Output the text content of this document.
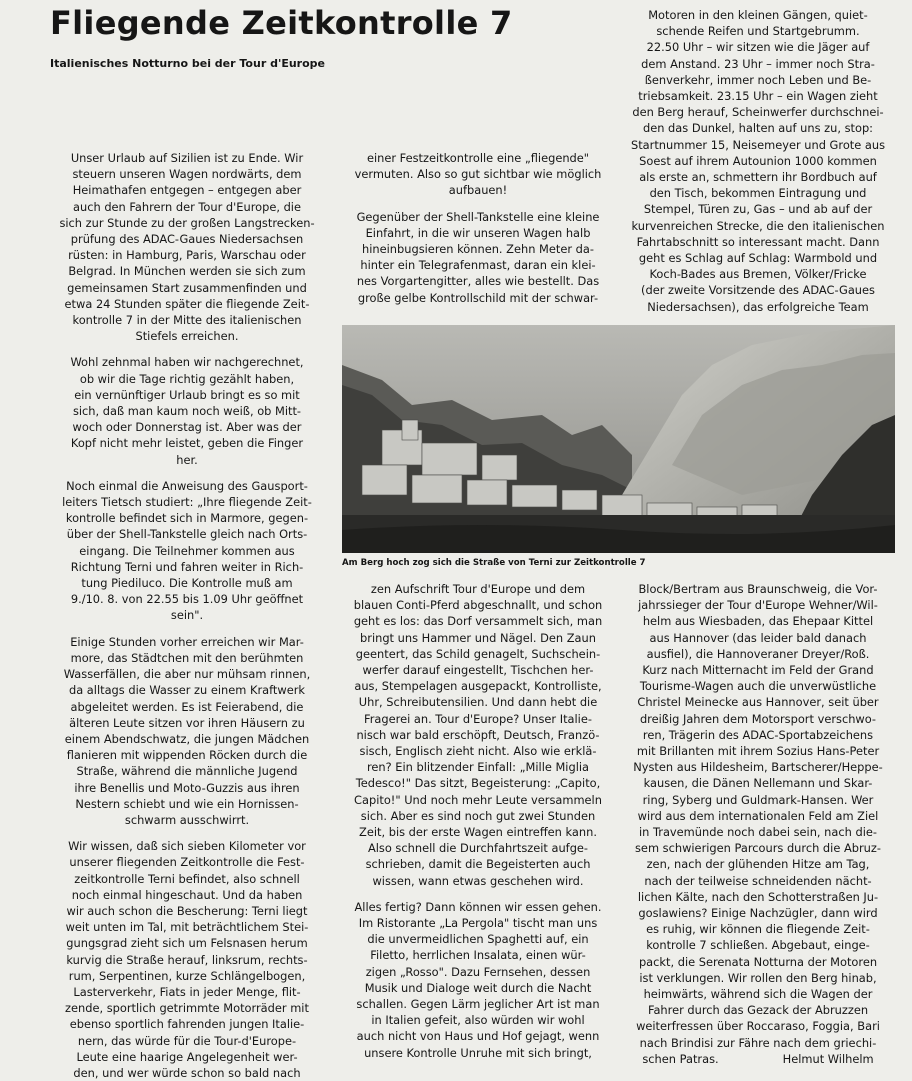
Fliegende Zeitkontrolle 7
Italienisches Notturno bei der Tour d'Europe

Unser Urlaub auf Sizilien ist zu Ende. Wir
steuern unseren Wagen nordwärts, dem
Heimathafen entgegen – entgegen aber
auch den Fahrern der Tour d'Europe, die
sich zur Stunde zu der großen Langstrecken-
prüfung des ADAC-Gaues Niedersachsen
rüsten: in Hamburg, Paris, Warschau oder
Belgrad. In München werden sie sich zum
gemeinsamen Start zusammenfinden und
etwa 24 Stunden später die fliegende Zeit-
kontrolle 7 in der Mitte des italienischen
Stiefels erreichen.

Wohl zehnmal haben wir nachgerechnet,
ob wir die Tage richtig gezählt haben,
ein vernünftiger Urlaub bringt es so mit
sich, daß man kaum noch weiß, ob Mitt-
woch oder Donnerstag ist. Aber was der
Kopf nicht mehr leistet, geben die Finger
her.

Noch einmal die Anweisung des Gausport-
leiters Tietsch studiert: „Ihre fliegende Zeit-
kontrolle befindet sich in Marmore, gegen-
über der Shell-Tankstelle gleich nach Orts-
eingang. Die Teilnehmer kommen aus
Richtung Terni und fahren weiter in Rich-
tung Piediluco. Die Kontrolle muß am
9./10. 8. von 22.55 bis 1.09 Uhr geöffnet
sein".

Einige Stunden vorher erreichen wir Mar-
more, das Städtchen mit den berühmten
Wasserfällen, die aber nur mühsam rinnen,
da alltags die Wasser zu einem Kraftwerk
abgeleitet werden. Es ist Feierabend, die
älteren Leute sitzen vor ihren Häusern zu
einem Abendschwatz, die jungen Mädchen
flanieren mit wippenden Röcken durch die
Straße, während die männliche Jugend
ihre Benellis und Moto-Guzzis aus ihren
Nestern schiebt und wie ein Hornissen-
schwarm ausschwirrt.

Wir wissen, daß sich sieben Kilometer vor
unserer fliegenden Zeitkontrolle die Fest-
zeitkontrolle Terni befindet, also schnell
noch einmal hingeschaut. Und da haben
wir auch schon die Bescherung: Terni liegt
weit unten im Tal, mit beträchtlichem Stei-
gungsgrad zieht sich um Felsnasen herum
kurvig die Straße herauf, linksrum, rechts-
rum, Serpentinen, kurze Schlängelbogen,
Lasterverkehr, Fiats in jeder Menge, flit-
zende, sportlich getrimmte Motorräder mit
ebenso sportlich fahrenden jungen Italie-
nern, das würde für die Tour-d'Europe-
Leute eine haarige Angelegenheit wer-
den, und wer würde schon so bald nach

einer Festzeitkontrolle eine „fliegende"
vermuten. Also so gut sichtbar wie möglich
aufbauen!

Gegenüber der Shell-Tankstelle eine kleine
Einfahrt, in die wir unseren Wagen halb
hineinbugsieren können. Zehn Meter da-
hinter ein Telegrafenmast, daran ein klei-
nes Vorgartengitter, alles wie bestellt. Das
große gelbe Kontrollschild mit der schwar-

Motoren in den kleinen Gängen, quiet-
schende Reifen und Startgebrumm.
22.50 Uhr – wir sitzen wie die Jäger auf
dem Anstand. 23 Uhr – immer noch Stra-
ßenverkehr, immer noch Leben und Be-
triebsamkeit. 23.15 Uhr – ein Wagen zieht
den Berg herauf, Scheinwerfer durchschnei-
den das Dunkel, halten auf uns zu, stop:
Startnummer 15, Neisemeyer und Grote aus
Soest auf ihrem Autounion 1000 kommen
als erste an, schmettern ihr Bordbuch auf
den Tisch, bekommen Eintragung und
Stempel, Türen zu, Gas – und ab auf der
kurvenreichen Strecke, die den italienischen
Fahrtabschnitt so interessant macht. Dann
geht es Schlag auf Schlag: Warmbold und
Koch-Bades aus Bremen, Völker/Fricke
(der zweite Vorsitzende des ADAC-Gaues
Niedersachsen), das erfolgreiche Team

Am Berg hoch zog sich die Straße von Terni zur Zeitkontrolle 7

zen Aufschrift Tour d'Europe und dem
blauen Conti-Pferd abgeschnallt, und schon
geht es los: das Dorf versammelt sich, man
bringt uns Hammer und Nägel. Den Zaun
geentert, das Schild genagelt, Suchschein-
werfer darauf eingestellt, Tischchen her-
aus, Stempelagen ausgepackt, Kontrolliste,
Uhr, Schreibutensilien. Und dann hebt die
Fragerei an. Tour d'Europe? Unser Italie-
nisch war bald erschöpft, Deutsch, Franzö-
sisch, Englisch zieht nicht. Also wie erklä-
ren? Ein blitzender Einfall: „Mille Miglia
Tedesco!" Das sitzt, Begeisterung: „Capito,
Capito!" Und noch mehr Leute versammeln
sich. Aber es sind noch gut zwei Stunden
Zeit, bis der erste Wagen eintreffen kann.
Also schnell die Durchfahrtszeit aufge-
schrieben, damit die Begeisterten auch
wissen, wann etwas geschehen wird.

Alles fertig? Dann können wir essen gehen.
Im Ristorante „La Pergola" tischt man uns
die unvermeidlichen Spaghetti auf, ein
Filetto, herrlichen Insalata, einen wür-
zigen „Rosso". Dazu Fernsehen, dessen
Musik und Dialoge weit durch die Nacht
schallen. Gegen Lärm jeglicher Art ist man
in Italien gefeit, also würden wir wohl
auch nicht von Haus und Hof gejagt, wenn
unsere Kontrolle Unruhe mit sich bringt,

Block/Bertram aus Braunschweig, die Vor-
jahrssieger der Tour d'Europe Wehner/Wil-
helm aus Wiesbaden, das Ehepaar Kittel
aus Hannover (das leider bald danach
ausfiel), die Hannoveraner Dreyer/Roß.
Kurz nach Mitternacht im Feld der Grand
Tourisme-Wagen auch die unverwüstliche
Christel Meinecke aus Hannover, seit über
dreißig Jahren dem Motorsport verschwo-
ren, Trägerin des ADAC-Sportabzeichens
mit Brillanten mit ihrem Sozius Hans-Peter
Nysten aus Hildesheim, Bartscherer/Heppe-
kausen, die Dänen Nellemann und Skar-
ring, Syberg und Guldmark-Hansen. Wer
wird aus dem internationalen Feld am Ziel
in Travemünde noch dabei sein, nach die-
sem schwierigen Parcours durch die Abruz-
zen, nach der glühenden Hitze am Tag,
nach der teilweise schneidenden nächt-
lichen Kälte, nach den Schotterstraßen Ju-
goslawiens? Einige Nachzügler, dann wird
es ruhig, wir können die fliegende Zeit-
kontrolle 7 schließen. Abgebaut, einge-
packt, die Serenata Notturna der Motoren
ist verklungen. Wir rollen den Berg hinab,
heimwärts, während sich die Wagen der
Fahrer durch das Gezack der Abruzzen
weiterfressen über Roccaraso, Foggia, Bari
nach Brindisi zur Fähre nach dem griechi-
schen Patras.	Helmut Wilhelm
